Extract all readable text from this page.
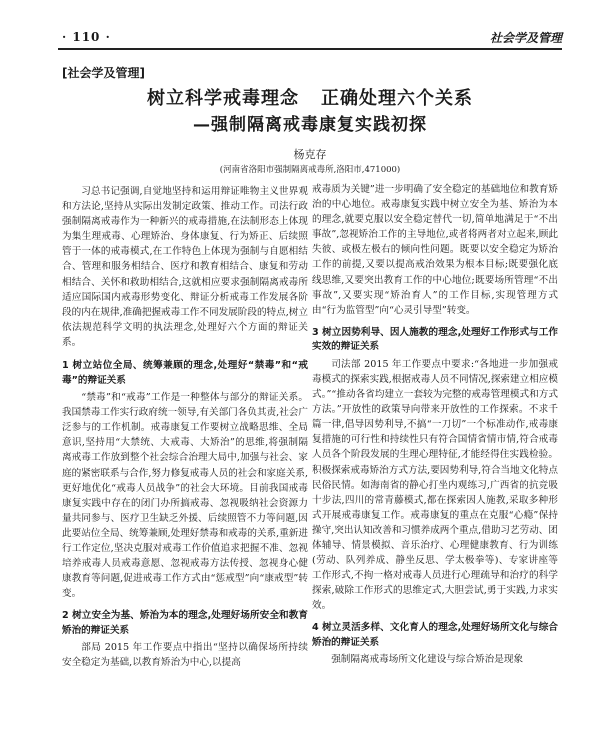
· 110 ·	社会学及管理
[社会学及管理]
树立科学戒毒理念 正确处理六个关系
—强制隔离戒毒康复实践初探
杨克存
(河南省洛阳市强制隔离戒毒所,洛阳市,471000)

习总书记强调,自觉地坚持和运用辩证唯物主义世界观和方法论,坚持从实际出发制定政策、推动工作。司法行政强制隔离戒毒作为一种新兴的戒毒措施,在法制形态上体现为集生理戒毒、心理矫治、身体康复、行为矫正、后续照管于一体的戒毒模式,在工作特色上体现为强制与自愿相结合、管理和服务相结合、医疗和教育相结合、康复和劳动相结合、关怀和救助相结合,这就相应要求强制隔离戒毒所适应国际国内戒毒形势变化、辩证分析戒毒工作发展各阶段的内在规律,准确把握戒毒工作不同发展阶段的特点,树立依法规范科学文明的执法理念,处理好六个方面的辩证关系。

1 树立站位全局、统筹兼顾的理念,处理好“禁毒”和“戒毒”的辩证关系

“禁毒”和“戒毒”工作是一种整体与部分的辩证关系。我国禁毒工作实行政府统一领导,有关部门各负其责,社会广泛参与的工作机制。戒毒康复工作要树立战略思维、全局意识,坚持用“大禁统、大戒毒、大矫治”的思维,将强制隔离戒毒工作放到整个社会综合治理大局中,加强与社会、家庭的紧密联系与合作,努力修复戒毒人员的社会和家庭关系,更好地优化“戒毒人员战争”的社会大环境。目前我国戒毒康复实践中存在的闭门办所搞戒毒、忽视吸纳社会资源力量共同参与、医疗卫生缺乏外援、后续照管不力等问题,因此要站位全局、统筹兼顾,处理好禁毒和戒毒的关系,重新进行工作定位,坚决克服对戒毒工作价值追求把握不准、忽视培养戒毒人员戒毒意愿、忽视戒毒方法传授、忽视身心健康教育等问题,促进戒毒工作方式由“惩戒型”向“康戒型”转变。

2 树立安全为基、矫治为本的理念,处理好场所安全和教育矫治的辩证关系

部局 2015 年工作要点中指出“坚持以确保场所持续安全稳定为基础,以教育矫治为中心,以提高

戒毒质为关键”进一步明确了安全稳定的基础地位和教育矫治的中心地位。戒毒康复实践中树立安全为基、矫治为本的理念,就要克服以安全稳定替代一切,简单地满足于“不出事故”,忽视矫治工作的主导地位,或者将两者对立起来,顾此失彼、或极左极右的倾向性问题。既要以安全稳定为矫治工作的前提,又要以提高戒治效果为根本目标;既要强化底线思维,又要突出教育工作的中心地位;既要场所管理“不出事故”,又要实现“矫治育人”的工作目标,实现管理方式由“行为监管型”向“心灵引导型”转变。

3 树立因势利导、因人施教的理念,处理好工作形式与工作实效的辩证关系

司法部 2015 年工作要点中要求:“各地进一步加强戒毒模式的探索实践,根据戒毒人员不同情况,探索建立相应模式。”“推动各省均建立一套较为完整的戒毒管理模式和方式方法。”开放性的政策导向带来开放性的工作探索。不求千篇一律,倡导因势利导,不搞“一刀切”一个标准动作,戒毒康复措施的可行性和持续性只有符合国情省情市情,符合戒毒人员各个阶段发展的生理心理特征,才能经得住实践检验。积极探索戒毒矫治方式方法,要因势利导,符合当地文化特点民俗民情。如海南省的静心打坐内观练习,广西省的抗竞吸十步法,四川的常青藤模式,都在探索因人施教,采取多种形式开展戒毒康复工作。戒毒康复的重点在克服“心瘾”保持操守,突出认知改善和习惯养成两个重点,借助习艺劳动、团体辅导、情景模拟、音乐治疗、心理健康教育、行为训练(劳动、队列养成、静坐反思、学太极拳等)、专家讲座等工作形式,不拘一格对戒毒人员进行心理疏导和治疗的科学探索,破除工作形式的思维定式,大胆尝试,勇于实践,力求实效。

4 树立灵活多样、文化育人的理念,处理好场所文化与综合矫治的辩证关系

强制隔离戒毒场所文化建设与综合矫治是现象
